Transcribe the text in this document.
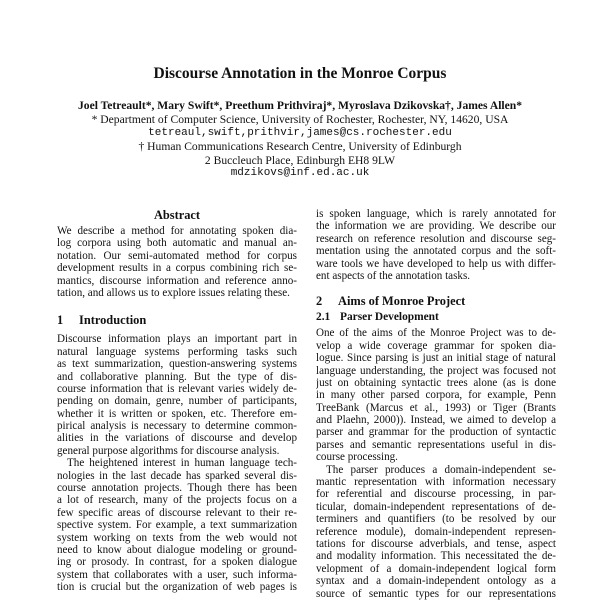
Discourse Annotation in the Monroe Corpus
Joel Tetreault*, Mary Swift*, Preethum Prithviraj*, Myroslava Dzikovska†, James Allen*
* Department of Computer Science, University of Rochester, Rochester, NY, 14620, USA
tetreaul,swift,prithvir,james@cs.rochester.edu
† Human Communications Research Centre, University of Edinburgh
2 Buccleuch Place, Edinburgh EH8 9LW
mdzikovs@inf.ed.ac.uk
Abstract
We describe a method for annotating spoken dia-
log corpora using both automatic and manual an-
notation. Our semi-automated method for corpus
development results in a corpus combining rich se-
mantics, discourse information and reference anno-
tation, and allows us to explore issues relating these.
1 Introduction
Discourse information plays an important part in
natural language systems performing tasks such
as text summarization, question-answering systems
and collaborative planning. But the type of dis-
course information that is relevant varies widely de-
pending on domain, genre, number of participants,
whether it is written or spoken, etc. Therefore em-
pirical analysis is necessary to determine common-
alities in the variations of discourse and develop
general purpose algorithms for discourse analysis.
The heightened interest in human language tech-
nologies in the last decade has sparked several dis-
course annotation projects. Though there has been
a lot of research, many of the projects focus on a
few specific areas of discourse relevant to their re-
spective system. For example, a text summarization
system working on texts from the web would not
need to know about dialogue modeling or ground-
ing or prosody. In contrast, for a spoken dialogue
system that collaborates with a user, such informa-
tion is crucial but the organization of web pages is
is spoken language, which is rarely annotated for
the information we are providing. We describe our
research on reference resolution and discourse seg-
mentation using the annotated corpus and the soft-
ware tools we have developed to help us with differ-
ent aspects of the annotation tasks.
2 Aims of Monroe Project
2.1 Parser Development
One of the aims of the Monroe Project was to de-
velop a wide coverage grammar for spoken dia-
logue. Since parsing is just an initial stage of natural
language understanding, the project was focused not
just on obtaining syntactic trees alone (as is done
in many other parsed corpora, for example, Penn
TreeBank (Marcus et al., 1993) or Tiger (Brants
and Plaehn, 2000)). Instead, we aimed to develop a
parser and grammar for the production of syntactic
parses and semantic representations useful in dis-
course processing.
The parser produces a domain-independent se-
mantic representation with information necessary
for referential and discourse processing, in par-
ticular, domain-independent representations of de-
terminers and quantifiers (to be resolved by our
reference module), domain-independent represen-
tations for discourse adverbials, and tense, aspect
and modality information. This necessitated the de-
velopment of a domain-independent logical form
syntax and a domain-independent ontology as a
source of semantic types for our representations
